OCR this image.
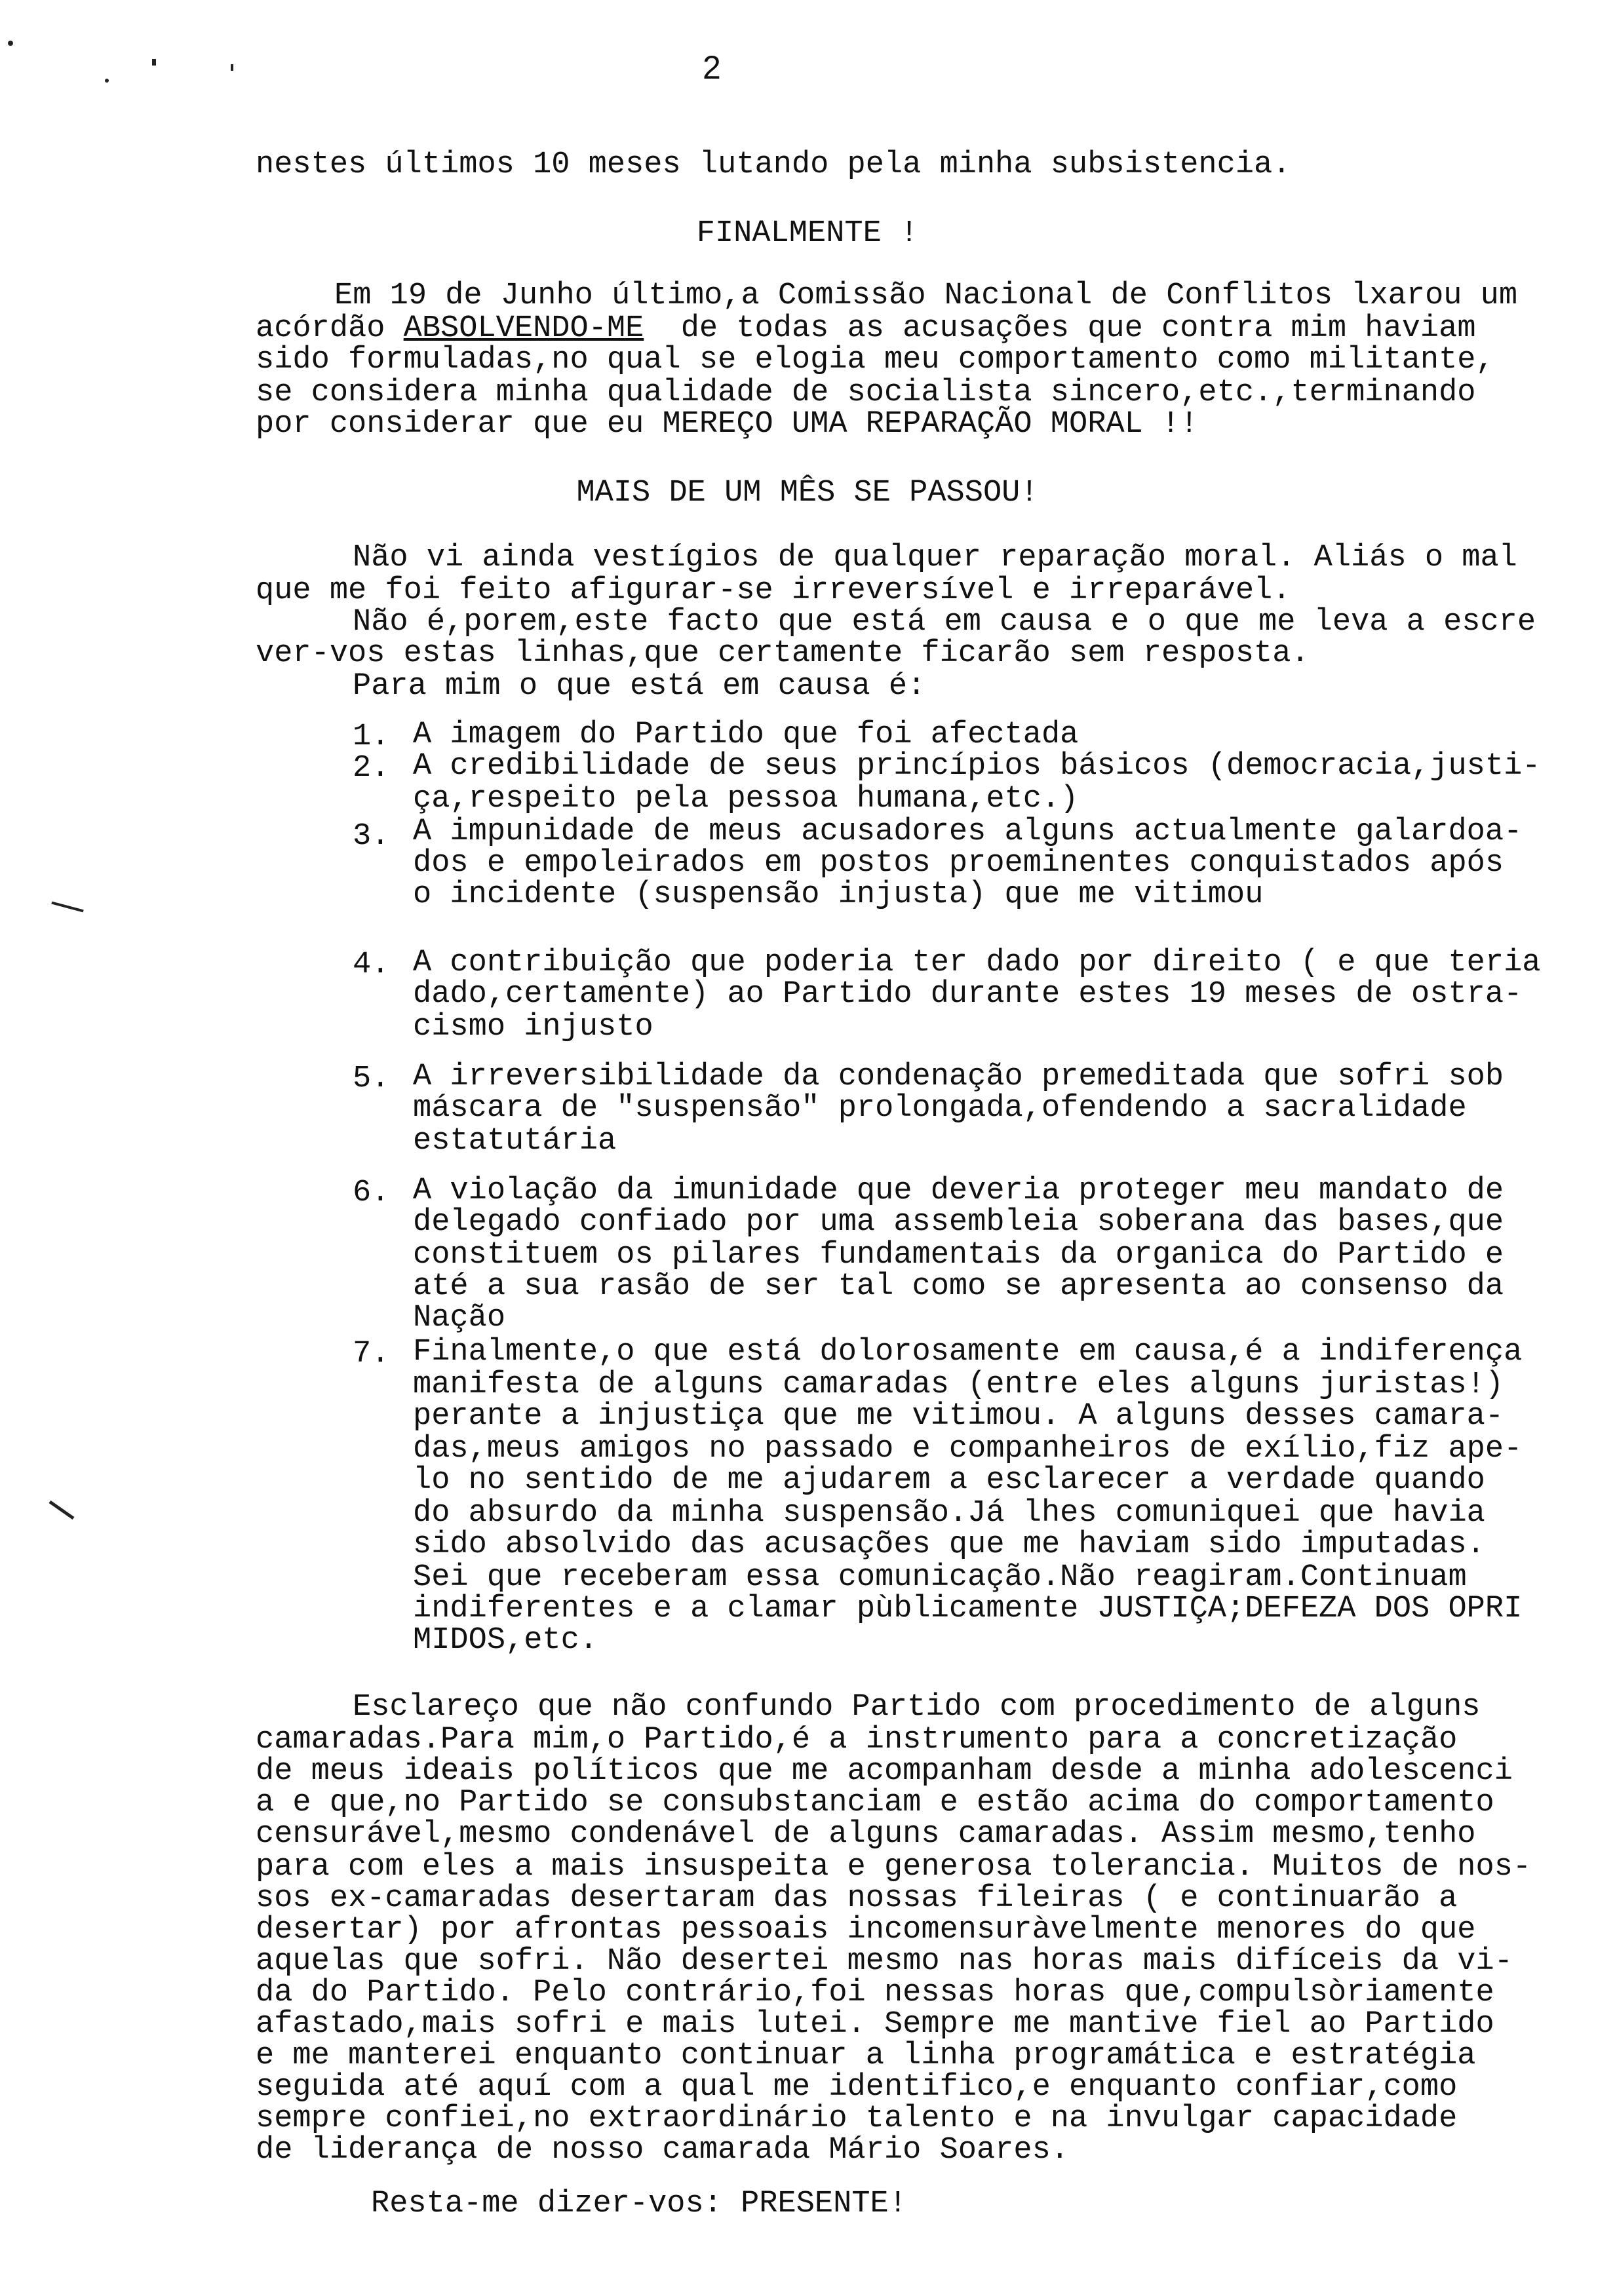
2
nestes últimos 10 meses lutando pela minha subsistencia.
FINALMENTE !
Em 19 de Junho último,a Comissão Nacional de Conflitos lxarou um
acórdão ABSOLVENDO-ME  de todas as acusações que contra mim haviam
sido formuladas,no qual se elogia meu comportamento como militante,
se considera minha qualidade de socialista sincero,etc.,terminando
por considerar que eu MEREÇO UMA REPARAÇÃO MORAL !!
MAIS DE UM MÊS SE PASSOU!
Não vi ainda vestígios de qualquer reparação moral. Aliás o mal
que me foi feito afigurar-se irreversível e irreparável.
Não é,porem,este facto que está em causa e o que me leva a escre
ver-vos estas linhas,que certamente ficarão sem resposta.
Para mim o que está em causa é:
1. A imagem do Partido que foi afectada
2. A credibilidade de seus princípios básicos (democracia,justi-
ça,respeito pela pessoa humana,etc.)
3. A impunidade de meus acusadores alguns actualmente galardoa-
dos e empoleirados em postos proeminentes conquistados após
o incidente (suspensão injusta) que me vitimou
4. A contribuição que poderia ter dado por direito ( e que teria
dado,certamente) ao Partido durante estes 19 meses de ostra-
cismo injusto
5. A irreversibilidade da condenação premeditada que sofri sob
máscara de "suspensão" prolongada,ofendendo a sacralidade
estatutária
6. A violação da imunidade que deveria proteger meu mandato de
delegado confiado por uma assembleia soberana das bases,que
constituem os pilares fundamentais da organica do Partido e
até a sua rasão de ser tal como se apresenta ao consenso da
Nação
7. Finalmente,o que está dolorosamente em causa,é a indiferença
manifesta de alguns camaradas (entre eles alguns juristas!)
perante a injustiça que me vitimou. A alguns desses camara-
das,meus amigos no passado e companheiros de exílio,fiz ape-
lo no sentido de me ajudarem a esclarecer a verdade quando
do absurdo da minha suspensão.Já lhes comuniquei que havia
sido absolvido das acusações que me haviam sido imputadas.
Sei que receberam essa comunicação.Não reagiram.Continuam
indiferentes e a clamar pùblicamente JUSTIÇA;DEFEZA DOS OPRI
MIDOS,etc.
Esclareço que não confundo Partido com procedimento de alguns
camaradas.Para mim,o Partido,é a instrumento para a concretização
de meus ideais políticos que me acompanham desde a minha adolescenci
a e que,no Partido se consubstanciam e estão acima do comportamento
censurável,mesmo condenável de alguns camaradas. Assim mesmo,tenho
para com eles a mais insuspeita e generosa tolerancia. Muitos de nos-
sos ex-camaradas desertaram das nossas fileiras ( e continuarão a
desertar) por afrontas pessoais incomensuràvelmente menores do que
aquelas que sofri. Não desertei mesmo nas horas mais difíceis da vi-
da do Partido. Pelo contrário,foi nessas horas que,compulsòriamente
afastado,mais sofri e mais lutei. Sempre me mantive fiel ao Partido
e me manterei enquanto continuar a linha programática e estratégia
seguida até aquí com a qual me identifico,e enquanto confiar,como
sempre confiei,no extraordinário talento e na invulgar capacidade
de liderança de nosso camarada Mário Soares.
Resta-me dizer-vos: PRESENTE!
